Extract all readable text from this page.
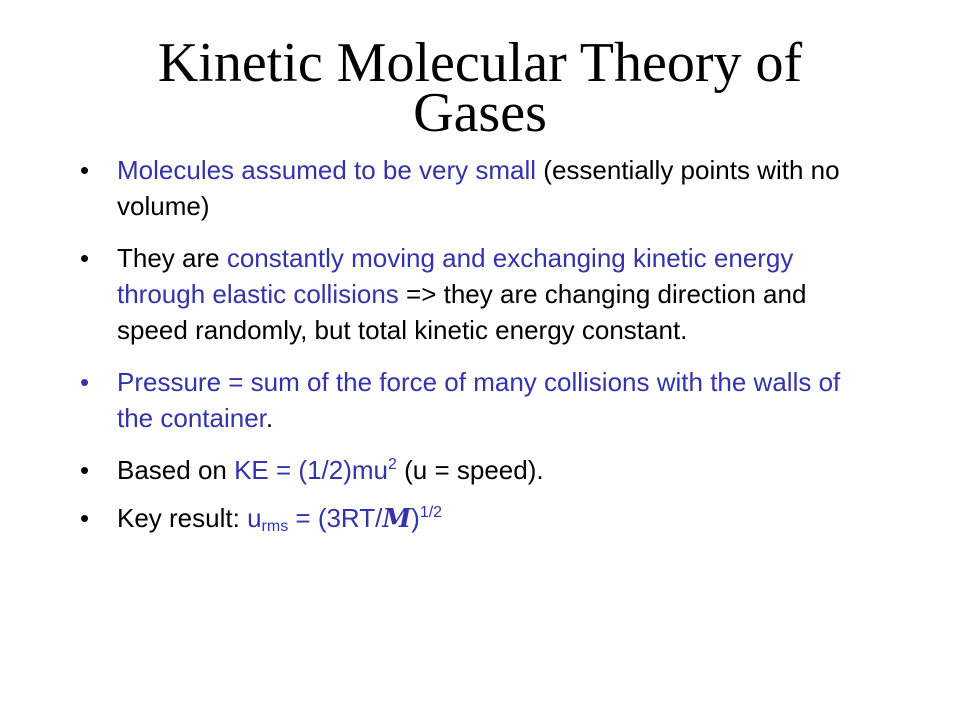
Kinetic Molecular Theory of
Gases
• Molecules assumed to be very small (essentially points with no volume)
• They are constantly moving and exchanging kinetic energy through elastic collisions => they are changing direction and speed randomly, but total kinetic energy constant.
• Pressure = sum of the force of many collisions with the walls of the container.
• Based on KE = $(1/2)mu^2$ (u = speed).
• Key result: $u_{rms} = (3RT/M)^{1/2}$
